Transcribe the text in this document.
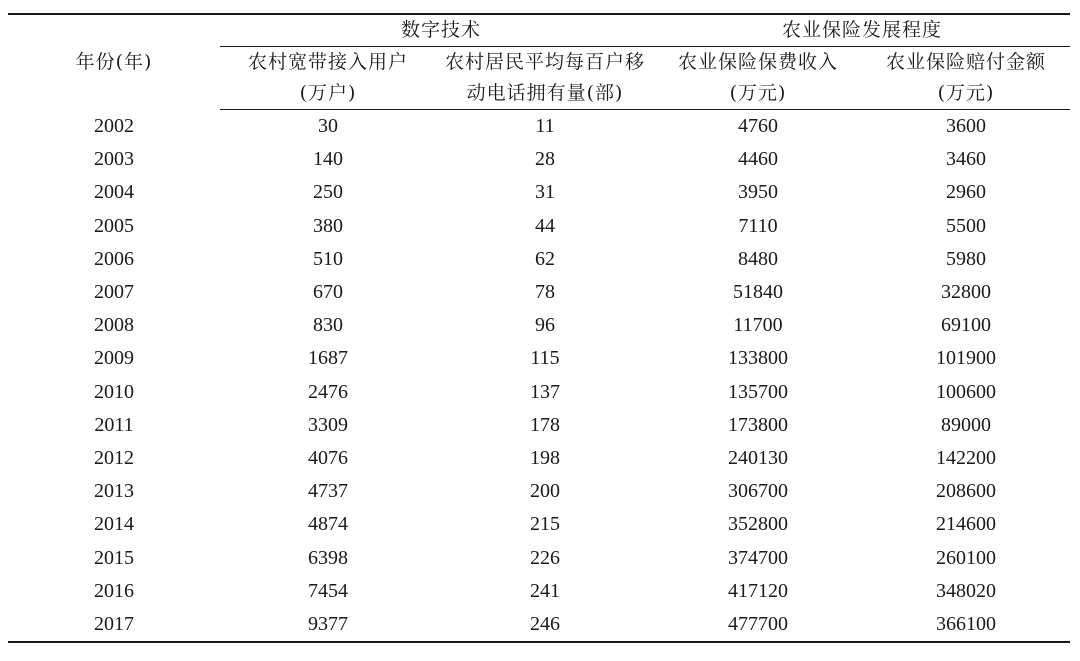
年份(年)	数字技术		农业保险发展程度	
	农村宽带接入用户	农村居民平均每百户移	农业保险保费收入	农业保险赔付金额
	(万户)	动电话拥有量(部)	(万元)	(万元)
2002	30	11	4760	3600
2003	140	28	4460	3460
2004	250	31	3950	2960
2005	380	44	7110	5500
2006	510	62	8480	5980
2007	670	78	51840	32800
2008	830	96	11700	69100
2009	1687	115	133800	101900
2010	2476	137	135700	100600
2011	3309	178	173800	89000
2012	4076	198	240130	142200
2013	4737	200	306700	208600
2014	4874	215	352800	214600
2015	6398	226	374700	260100
2016	7454	241	417120	348020
2017	9377	246	477700	366100
